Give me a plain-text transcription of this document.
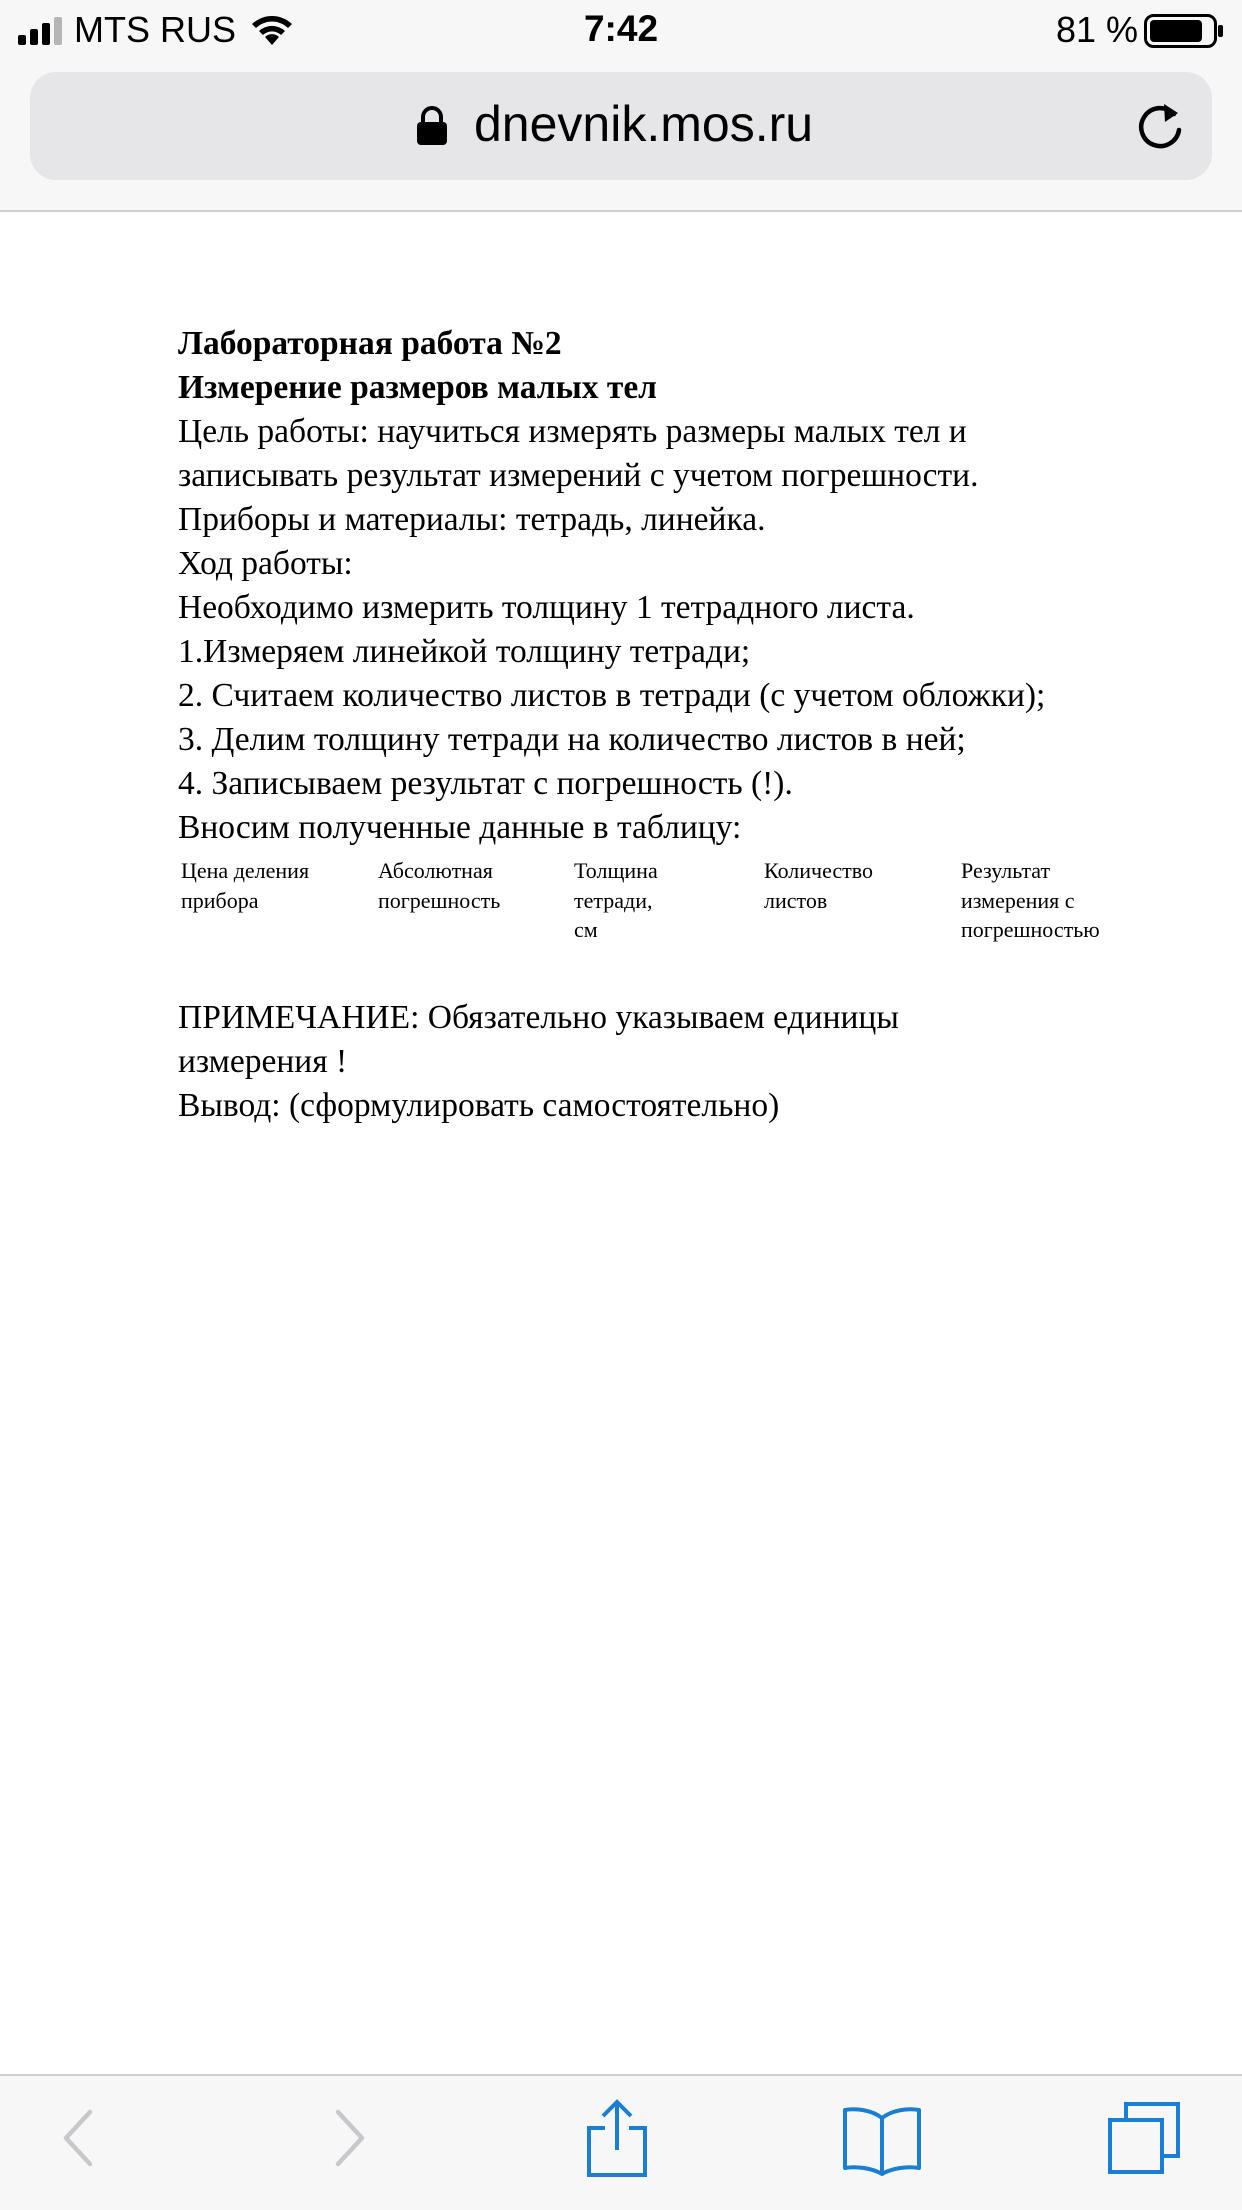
MTS RUS	7:42	81 %
dnevnik.mos.ru

Лабораторная работа №2

Измерение размеров малых тел

Цель работы: научиться измерять размеры малых тел и

записывать результат измерений с учетом погрешности.

Приборы и материалы: тетрадь, линейка.

Ход работы:

Необходимо измерить толщину 1 тетрадного листа.

1.Измеряем линейкой толщину тетради;

2. Считаем количество листов в тетради (с учетом обложки);

3. Делим толщину тетради на количество листов в ней;

4. Записываем результат с погрешность (!).

Вносим полученные данные в таблицу:

Цена деления
прибора
Абсолютная
погрешность
Толщина
тетради,
см
Количество
листов
Результат
измерения с
погрешностью

ПРИМЕЧАНИЕ: Обязательно указываем единицы

измерения !

Вывод: (сформулировать самостоятельно)
